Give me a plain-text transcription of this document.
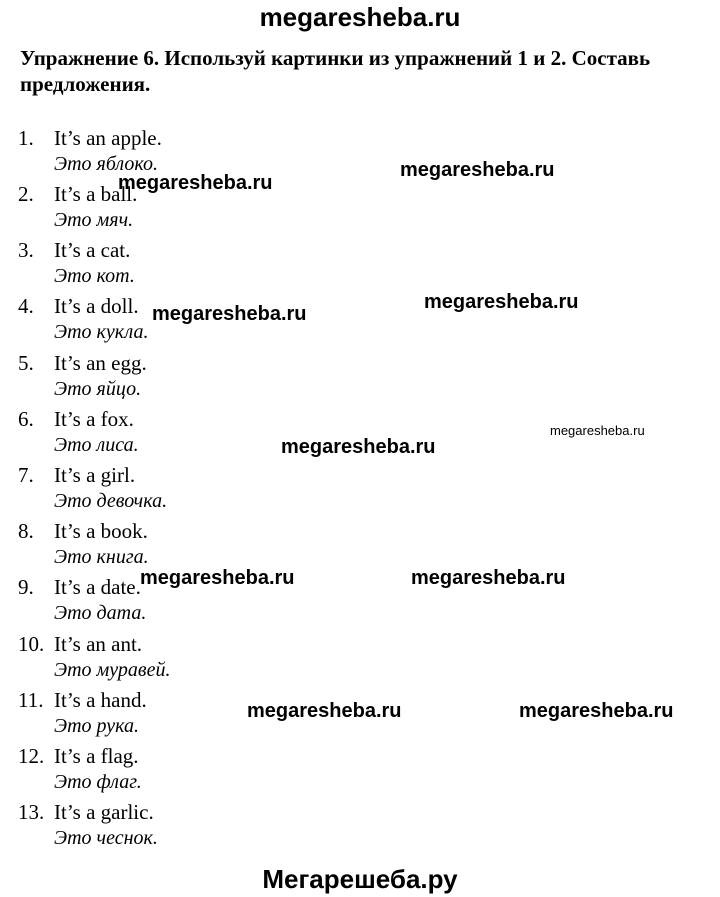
megaresheba.ru
Упражнение 6. Используй картинки из упражнений 1 и 2. Составь предложения.
1. It’s an apple.
Это яблоко.
2. It’s a ball.
Это мяч.
3. It’s a cat.
Это кот.
4. It’s a doll.
Это кукла.
5. It’s an egg.
Это яйцо.
6. It’s a fox.
Это лиса.
7. It’s a girl.
Это девочка.
8. It’s a book.
Это книга.
9. It’s a date.
Это дата.
10. It’s an ant.
Это муравей.
11. It’s a hand.
Это рука.
12. It’s a flag.
Это флаг.
13. It’s a garlic.
Это чеснок.
megaresheba.ru
megaresheba.ru
megaresheba.ru
megaresheba.ru
megaresheba.ru
megaresheba.ru
megaresheba.ru	megaresheba.ru
megaresheba.ru	megaresheba.ru
Мегарешеба.ру
